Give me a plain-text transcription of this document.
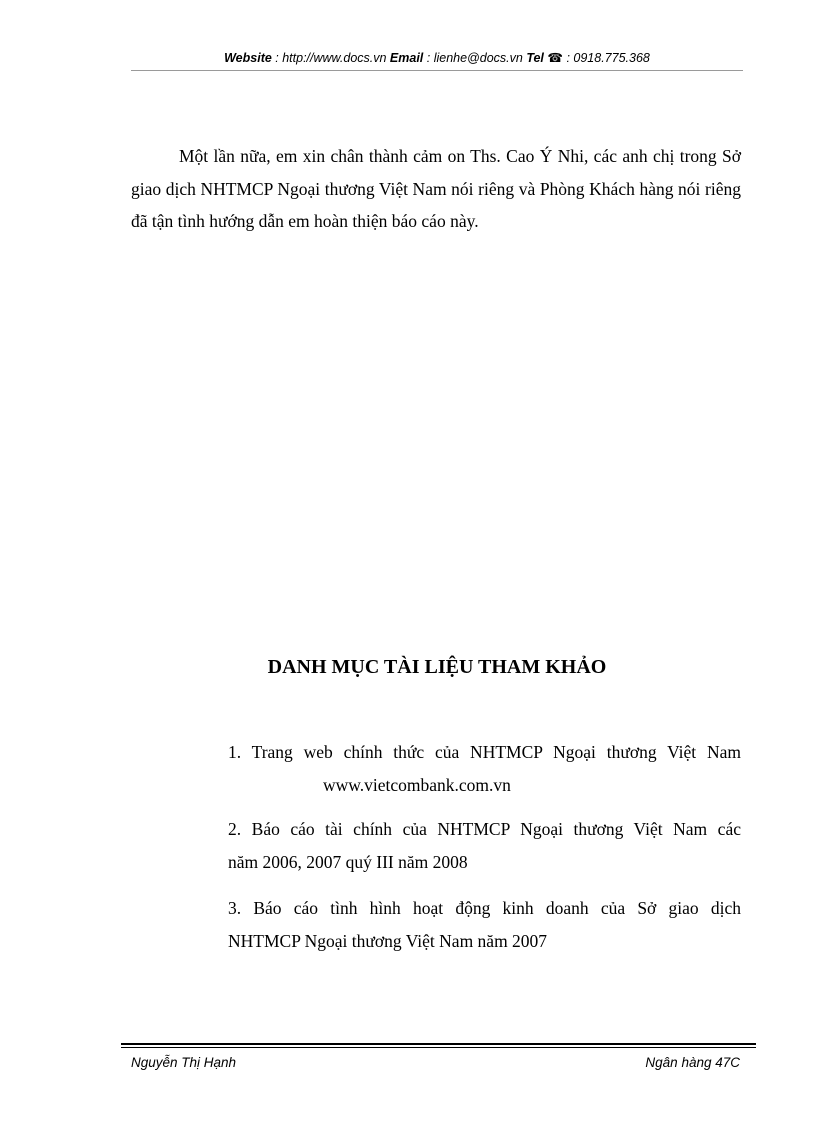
Website : http://www.docs.vn Email : lienhe@docs.vn Tel ☎ : 0918.775.368

Một lần nữa, em xin chân thành cảm on Ths. Cao Ý Nhi, các anh chị trong Sở giao dịch NHTMCP Ngoại thương Việt Nam nói riêng và Phòng Khách hàng nói riêng đã tận tình hướng dẫn em hoàn thiện báo cáo này.

DANH MỤC TÀI LIỆU THAM KHẢO
1. Trang web chính thức của NHTMCP Ngoại thương Việt Nam
www.vietcombank.com.vn
2. Báo cáo tài chính của NHTMCP Ngoại thương Việt Nam các
năm 2006, 2007 quý III năm 2008
3. Báo cáo tình hình hoạt động kinh doanh của Sở giao dịch
NHTMCP Ngoại thương Việt Nam năm 2007
Nguyễn Thị Hạnh	Ngân hàng 47C
